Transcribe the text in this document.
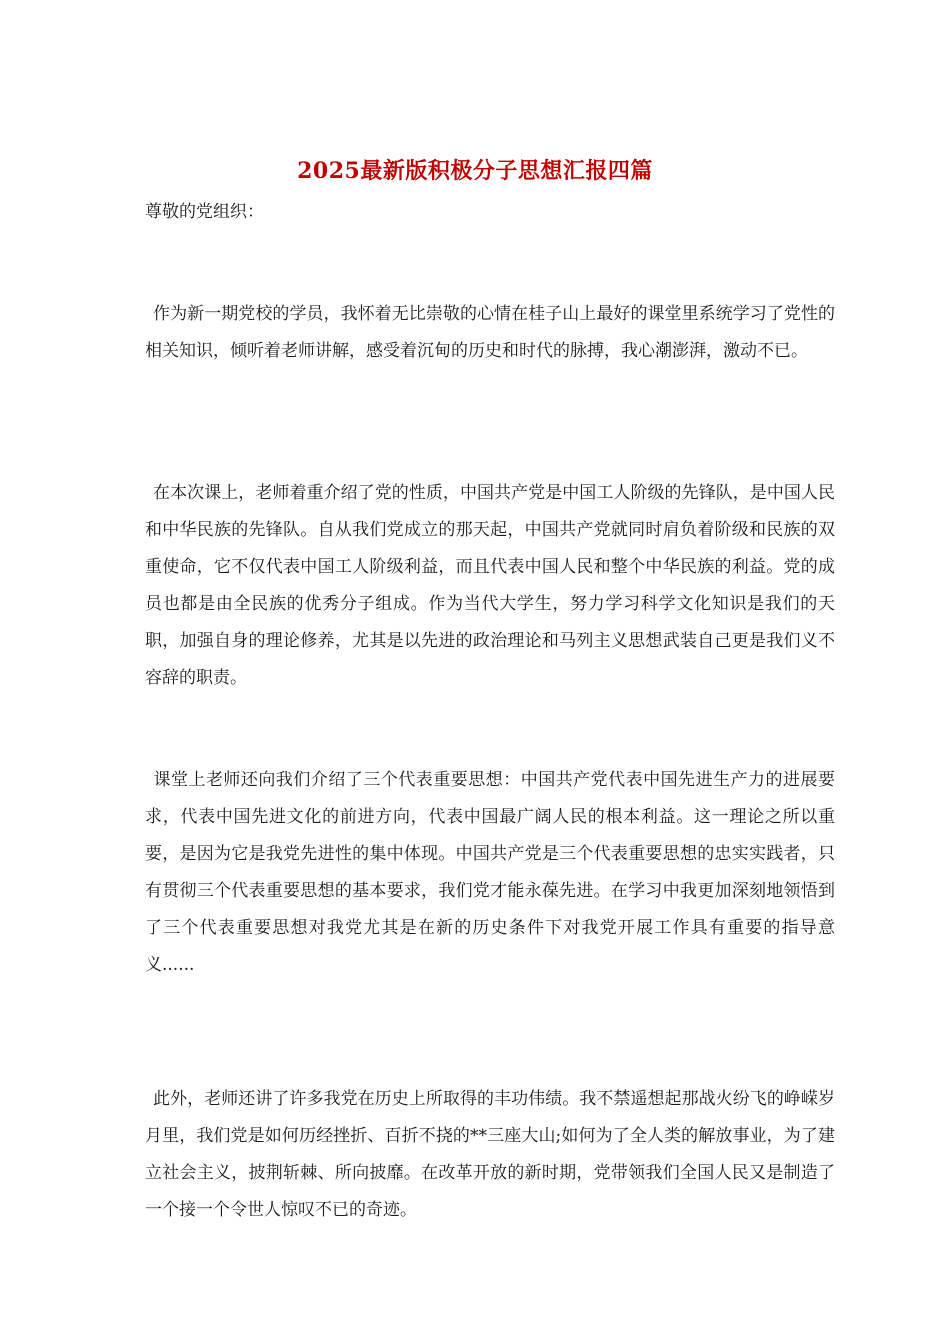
2025最新版积极分子思想汇报四篇

尊敬的党组织：

作为新一期党校的学员，我怀着无比崇敬的心情在桂子山上最好的课堂里系统学习了党性的相关知识，倾听着老师讲解，感受着沉甸的历史和时代的脉搏，我心潮澎湃，激动不已。

在本次课上，老师着重介绍了党的性质，中国共产党是中国工人阶级的先锋队，是中国人民和中华民族的先锋队。自从我们党成立的那天起，中国共产党就同时肩负着阶级和民族的双重使命，它不仅代表中国工人阶级利益，而且代表中国人民和整个中华民族的利益。党的成员也都是由全民族的优秀分子组成。作为当代大学生，努力学习科学文化知识是我们的天职，加强自身的理论修养，尤其是以先进的政治理论和马列主义思想武装自己更是我们义不容辞的职责。

课堂上老师还向我们介绍了三个代表重要思想：中国共产党代表中国先进生产力的进展要求，代表中国先进文化的前进方向，代表中国最广阔人民的根本利益。这一理论之所以重要，是因为它是我党先进性的集中体现。中国共产党是三个代表重要思想的忠实实践者，只有贯彻三个代表重要思想的基本要求，我们党才能永葆先进。在学习中我更加深刻地领悟到了三个代表重要思想对我党尤其是在新的历史条件下对我党开展工作具有重要的指导意义......

此外，老师还讲了许多我党在历史上所取得的丰功伟绩。我不禁遥想起那战火纷飞的峥嵘岁月里，我们党是如何历经挫折、百折不挠的**三座大山;如何为了全人类的解放事业，为了建立社会主义，披荆斩棘、所向披靡。在改革开放的新时期，党带领我们全国人民又是制造了一个接一个令世人惊叹不已的奇迹。
